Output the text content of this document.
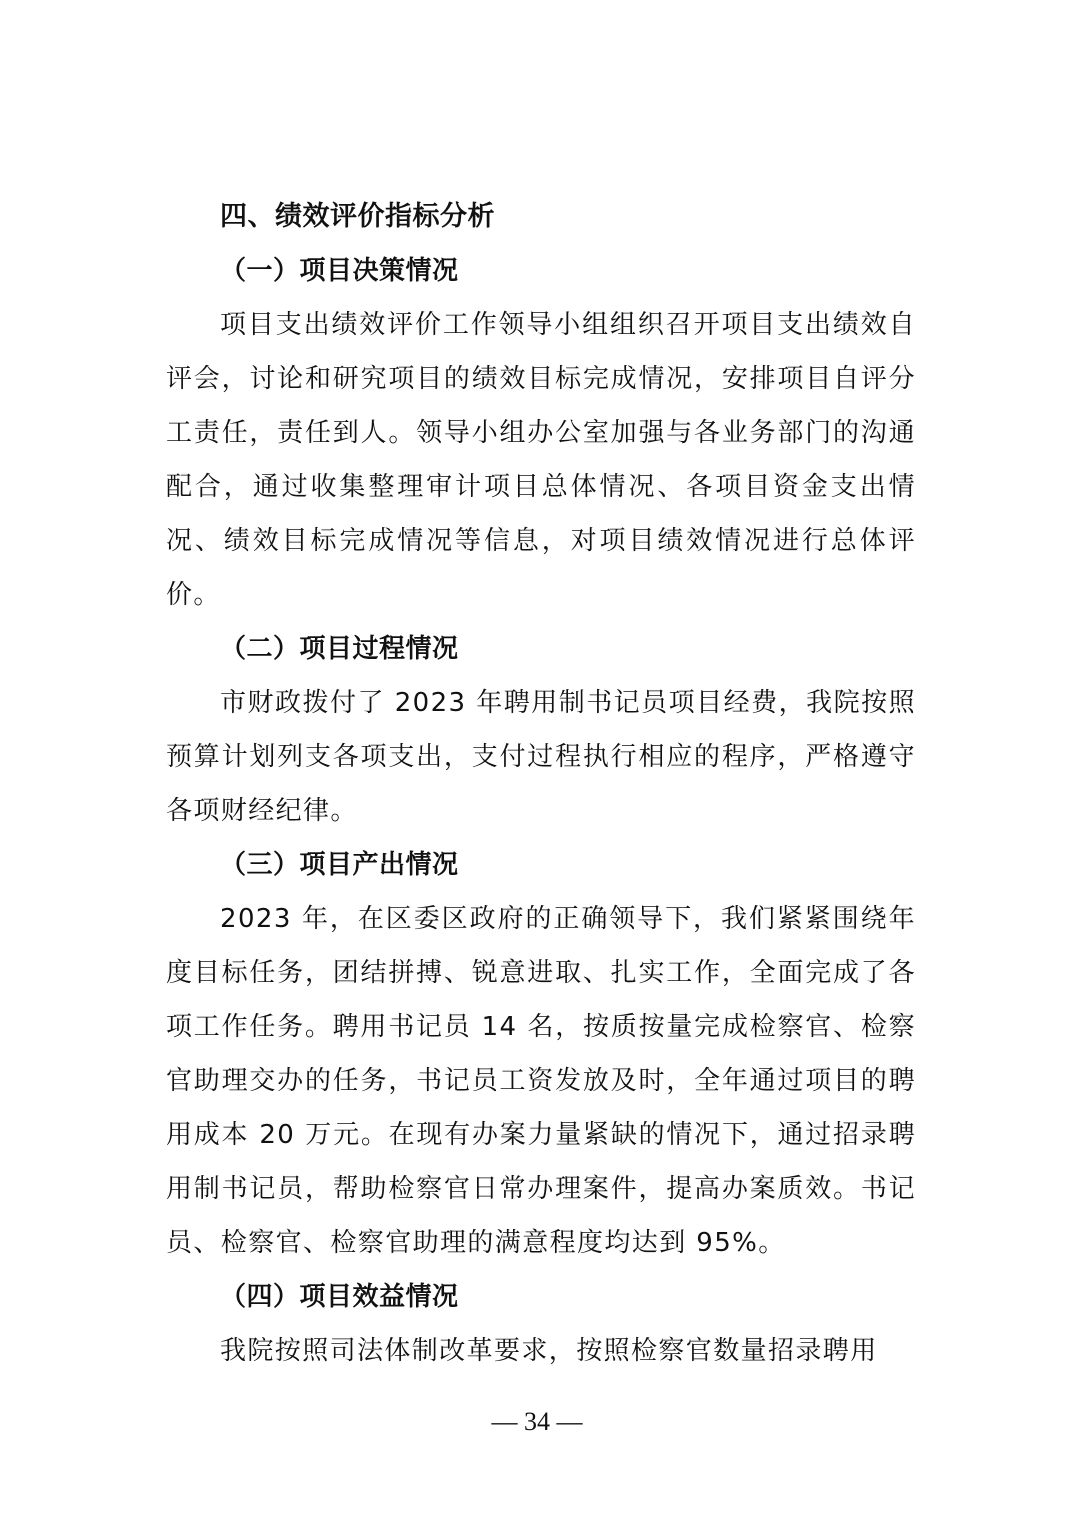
四、绩效评价指标分析
（一）项目决策情况

项目支出绩效评价工作领导小组组织召开项目支出绩效自评会，讨论和研究项目的绩效目标完成情况，安排项目自评分工责任，责任到人。领导小组办公室加强与各业务部门的沟通配合，通过收集整理审计项目总体情况、各项目资金支出情况、绩效目标完成情况等信息，对项目绩效情况进行总体评价。

（二）项目过程情况

市财政拨付了 2023 年聘用制书记员项目经费，我院按照预算计划列支各项支出，支付过程执行相应的程序，严格遵守各项财经纪律。

（三）项目产出情况

2023 年，在区委区政府的正确领导下，我们紧紧围绕年度目标任务，团结拼搏、锐意进取、扎实工作，全面完成了各项工作任务。聘用书记员 14 名，按质按量完成检察官、检察官助理交办的任务，书记员工资发放及时，全年通过项目的聘用成本 20 万元。在现有办案力量紧缺的情况下，通过招录聘用制书记员，帮助检察官日常办理案件，提高办案质效。书记员、检察官、检察官助理的满意程度均达到 95%。

（四）项目效益情况

我院按照司法体制改革要求，按照检察官数量招录聘用

— 34 —
